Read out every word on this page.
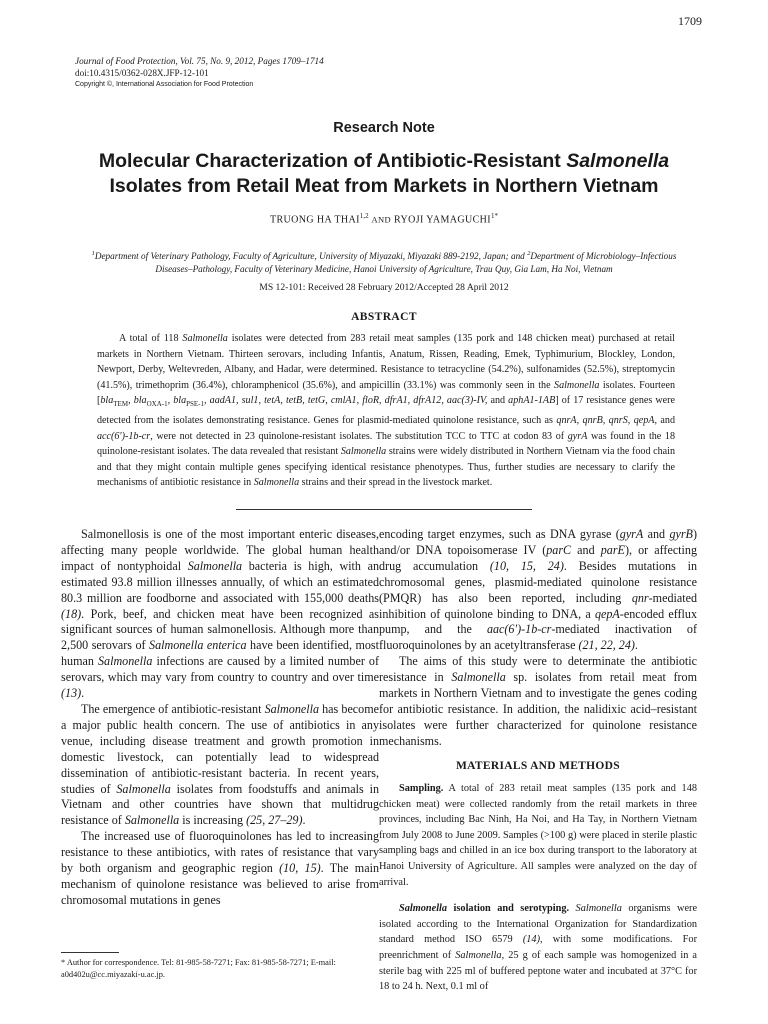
1709
Journal of Food Protection, Vol. 75, No. 9, 2012, Pages 1709–1714
doi:10.4315/0362-028X.JFP-12-101
Copyright ©, International Association for Food Protection
Research Note
Molecular Characterization of Antibiotic-Resistant Salmonella
Isolates from Retail Meat from Markets in Northern Vietnam
TRUONG HA THAI$^{1,2}$ AND RYOJI $YAMAGUCHI^{1*}$
$^1$Department of Veterinary Pathology, Faculty of Agriculture, University of Miyazaki, Miyazaki 889-2192, Japan; and $^2$Department of Microbiology–Infectious Diseases–Pathology, Faculty of Veterinary Medicine, Hanoi University of Agriculture, Trau Quy, Gia Lam, Ha Noi, Vietnam
MS 12-101: Received 28 February 2012/Accepted 28 April 2012
ABSTRACT

A total of 118 Salmonella isolates were detected from 283 retail meat samples (135 pork and 148 chicken meat) purchased at retail markets in Northern Vietnam. Thirteen serovars, including Infantis, Anatum, Rissen, Reading, Emek, Typhimurium, Blockley, London, Newport, Derby, Weltevreden, Albany, and Hadar, were determined. Resistance to tetracycline (54.2%), sulfonamides (52.5%), streptomycin (41.5%), trimethoprim (36.4%), chloramphenicol (35.6%), and ampicillin (33.1%) was commonly seen in the Salmonella isolates. Fourteen [bla$_{TEM}$, bla$_{OXA-1}$, bla$_{PSE-1}$, aadA1, sul1, tetA, tetB, tetG, cmlA1, floR, dfrA1, dfrA12, aac(3)-IV, and aphA1-1AB] of 17 resistance genes were detected from the isolates demonstrating resistance. Genes for plasmid-mediated quinolone resistance, such as qnrA, qnrB, qnrS, qepA, and acc(6′)-1b-cr, were not detected in 23 quinolone-resistant isolates. The substitution TCC to TTC at codon 83 of gyrA was found in the 18 quinolone-resistant isolates. The data revealed that resistant Salmonella strains were widely distributed in Northern Vietnam via the food chain and that they might contain multiple genes specifying identical resistance phenotypes. Thus, further studies are necessary to clarify the mechanisms of antibiotic resistance in Salmonella strains and their spread in the livestock market.

Salmonellosis is one of the most important enteric diseases, affecting many people worldwide. The global human health impact of nontyphoidal Salmonella bacteria is high, with an estimated 93.8 million illnesses annually, of which an estimated 80.3 million are foodborne and associated with 155,000 deaths (18). Pork, beef, and chicken meat have been recognized as significant sources of human salmonellosis. Although more than 2,500 serovars of Salmonella enterica have been identified, most human Salmonella infections are caused by a limited number of serovars, which may vary from country to country and over time (13).

The emergence of antibiotic-resistant Salmonella has become a major public health concern. The use of antibiotics in any venue, including disease treatment and growth promotion in domestic livestock, can potentially lead to widespread dissemination of antibiotic-resistant bacteria. In recent years, studies of Salmonella isolates from foodstuffs and animals in Vietnam and other countries have shown that multidrug resistance of Salmonella is increasing (25, 27–29).

The increased use of fluoroquinolones has led to increasing resistance to these antibiotics, with rates of resistance that vary by both organism and geographic region (10, 15). The main mechanism of quinolone resistance was believed to arise from chromosomal mutations in genes

encoding target enzymes, such as DNA gyrase (gyrA and gyrB) and/or DNA topoisomerase IV (parC and parE), or affecting drug accumulation (10, 15, 24). Besides mutations in chromosomal genes, plasmid-mediated quinolone resistance (PMQR) has also been reported, including qnr-mediated inhibition of quinolone binding to DNA, a qepA-encoded efflux pump, and the aac(6′)-1b-cr-mediated inactivation of fluoroquinolones by an acetyltransferase (21, 22, 24).

The aims of this study were to determinate the antibiotic resistance in Salmonella sp. isolates from retail meat from markets in Northern Vietnam and to investigate the genes coding for antibiotic resistance. In addition, the nalidixic acid–resistant isolates were further characterized for quinolone resistance mechanisms.

MATERIALS AND METHODS

Sampling. A total of 283 retail meat samples (135 pork and 148 chicken meat) were collected randomly from the retail markets in three provinces, including Bac Ninh, Ha Noi, and Ha Tay, in Northern Vietnam from July 2008 to June 2009. Samples (>100 g) were placed in sterile plastic sampling bags and chilled in an ice box during transport to the laboratory at Hanoi University of Agriculture. All samples were analyzed on the day of arrival.

Salmonella isolation and serotyping. Salmonella organisms were isolated according to the International Organization for Standardization standard method ISO 6579 (14), with some modifications. For preenrichment of Salmonella, 25 g of each sample was homogenized in a sterile bag with 225 ml of buffered peptone water and incubated at 37°C for 18 to 24 h. Next, 0.1 ml of

* Author for correspondence. Tel: 81-985-58-7271; Fax: 81-985-58-7271; E-mail: a0d402u@cc.miyazaki-u.ac.jp.
